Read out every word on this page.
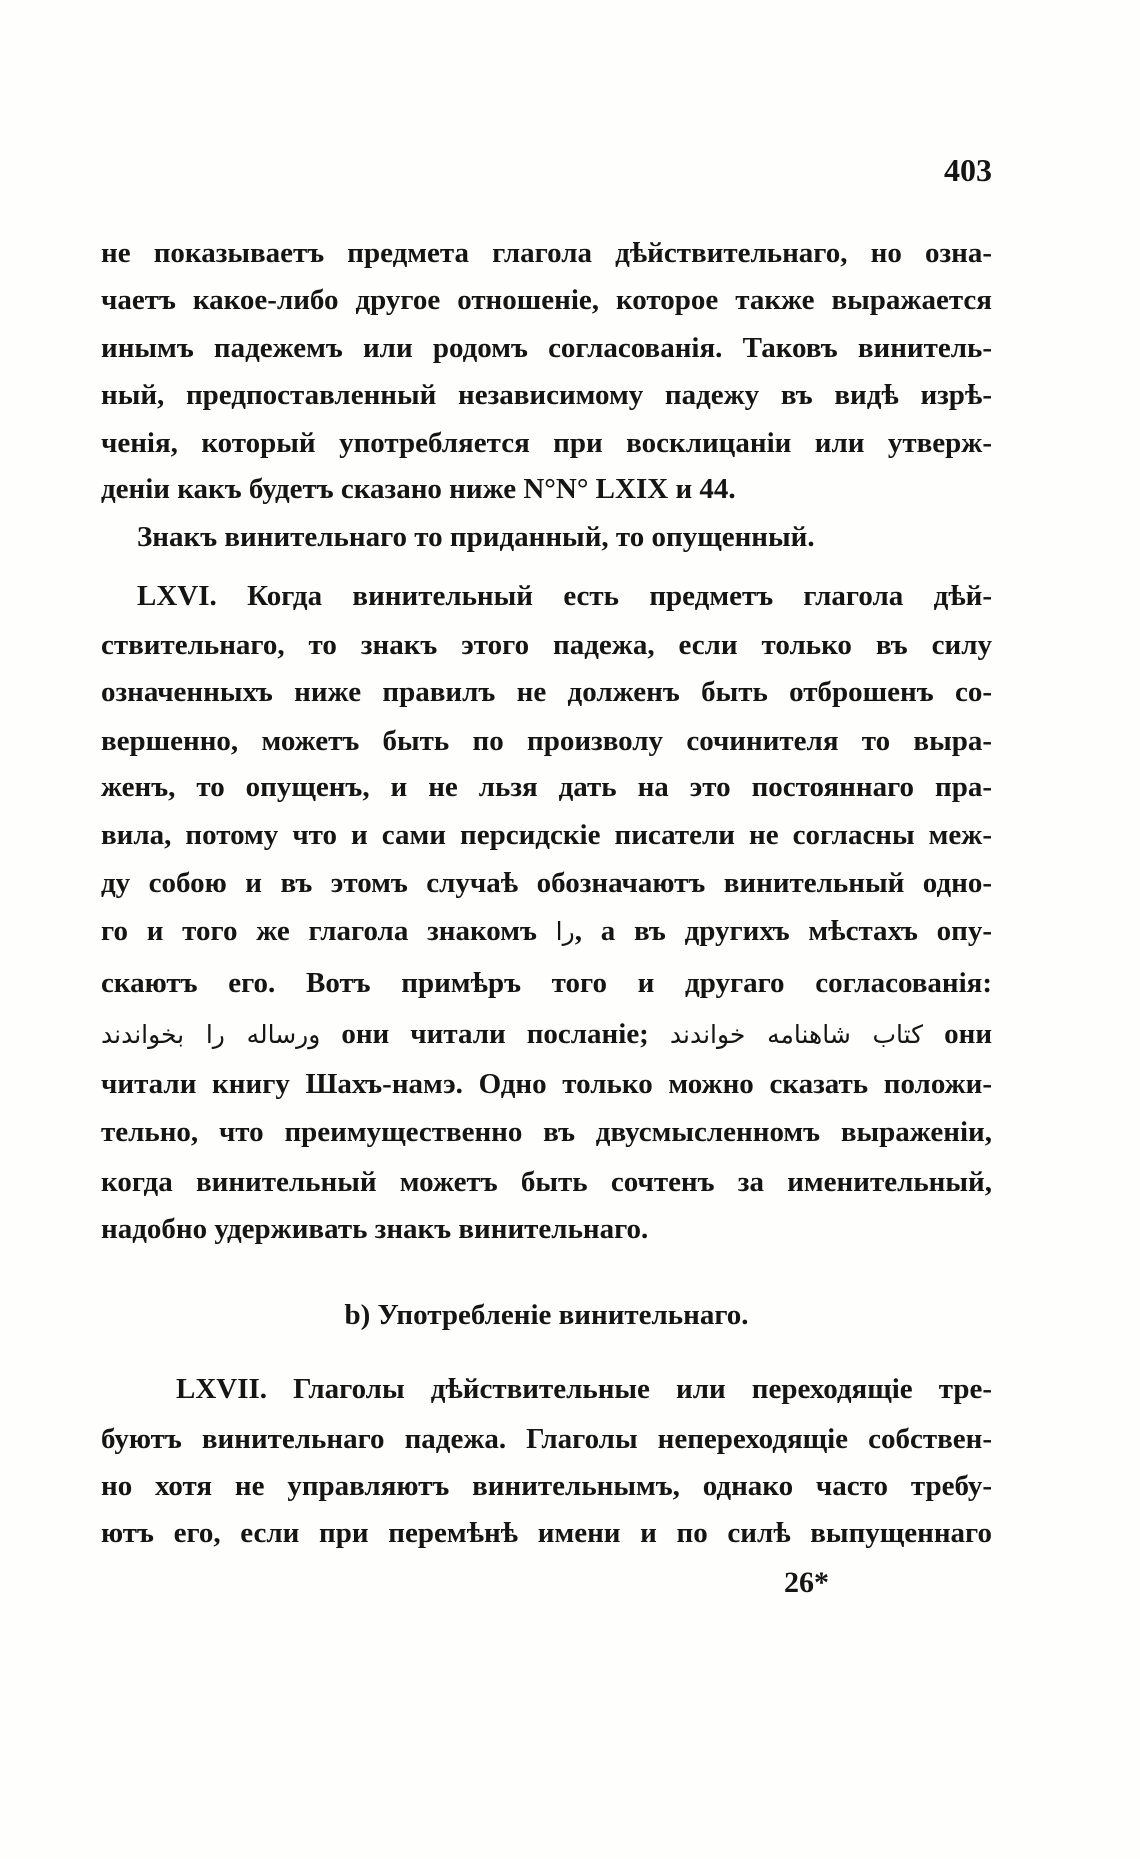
403
не показываетъ предмета глагола дѣйствительнаго, но озна-
чаетъ какое-либо другое отношеніе, которое также выражается
инымъ падежемъ или родомъ согласованія. Таковъ винитель-
ный, предпоставленный независимому падежу въ видѣ изрѣ-
ченія, который употребляется при восклицаніи или утверж-
деніи какъ будетъ сказано ниже N°N° LXIX и 44.
Знакъ винительнаго то приданный, то опущенный.
LXVI. Когда винительный есть предметъ глагола дѣй-
ствительнаго, то знакъ этого падежа, если только въ силу
означенныхъ ниже правилъ не долженъ быть отброшенъ со-
вершенно, можетъ быть по произволу сочинителя то выра-
женъ, то опущенъ, и не льзя дать на это постояннаго пра-
вила, потому что и сами персидскіе писатели не согласны меж-
ду собою и въ этомъ случаѣ обозначаютъ винительный одно-
го и того же глагола знакомъ را, а въ другихъ мѣстахъ опу-
скаютъ его. Вотъ примѣръ того и другаго согласованія:
ورساله را بخواندند они читали посланіе; كتاب شاهنامه خواندند они
читали книгу Шахъ-намэ. Одно только можно сказать положи-
тельно, что преимущественно въ двусмысленномъ выраженіи,
когда винительный можетъ быть сочтенъ за именительный,
надобно удерживать знакъ винительнаго.
b) Употребленіе винительнаго.
LXVII. Глаголы дѣйствительные или переходящіе тре-
буютъ винительнаго падежа. Глаголы непереходящіе собствен-
но хотя не управляютъ винительнымъ, однако часто требу-
ютъ его, если при перемѣнѣ имени и по силѣ выпущеннаго
26*
